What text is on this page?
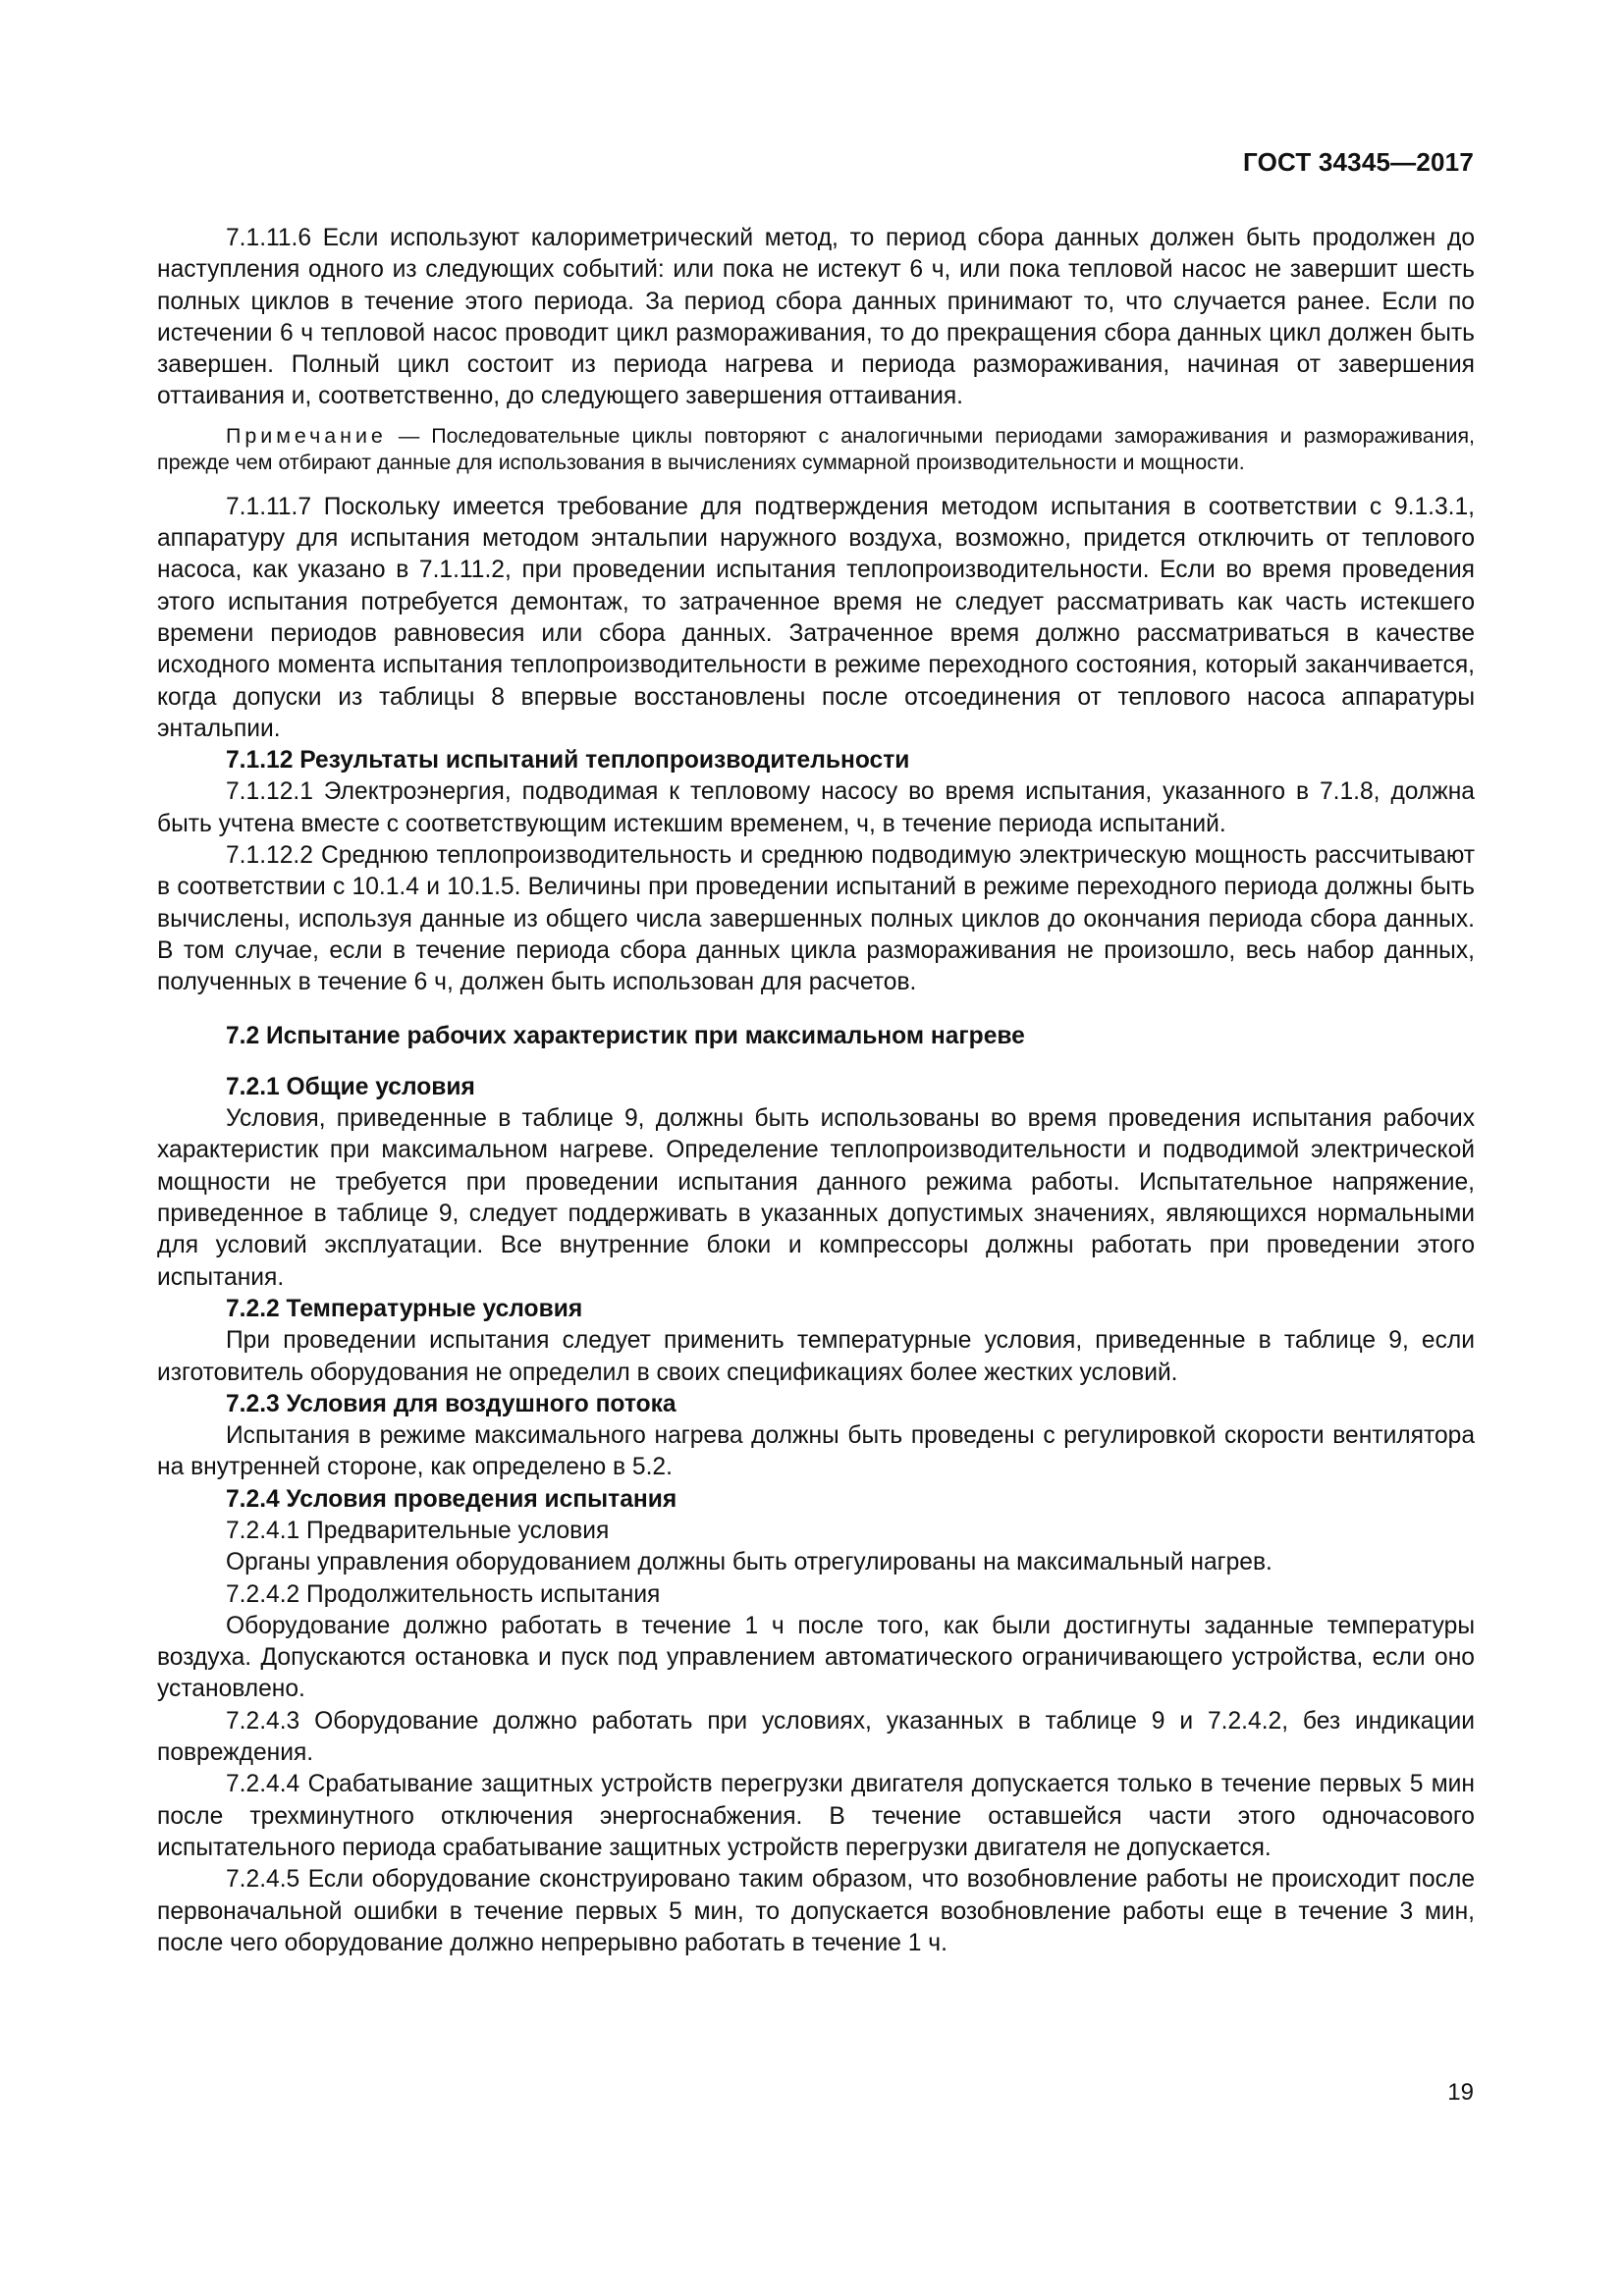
ГОСТ 34345—2017

7.1.11.6 Если используют калориметрический метод, то период сбора данных должен быть продолжен до наступления одного из следующих событий: или пока не истекут 6 ч, или пока тепловой насос не завершит шесть полных циклов в течение этого периода. За период сбора данных принимают то, что случается ранее. Если по истечении 6 ч тепловой насос проводит цикл размораживания, то до прекращения сбора данных цикл должен быть завершен. Полный цикл состоит из периода нагрева и периода размораживания, начиная от завершения оттаивания и, соответственно, до следующего завершения оттаивания.

Примечание — Последовательные циклы повторяют с аналогичными периодами замораживания и размораживания, прежде чем отбирают данные для использования в вычислениях суммарной производительности и мощности.

7.1.11.7 Поскольку имеется требование для подтверждения методом испытания в соответствии с 9.1.3.1, аппаратуру для испытания методом энтальпии наружного воздуха, возможно, придется отключить от теплового насоса, как указано в 7.1.11.2, при проведении испытания теплопроизводительности. Если во время проведения этого испытания потребуется демонтаж, то затраченное время не следует рассматривать как часть истекшего времени периодов равновесия или сбора данных. Затраченное время должно рассматриваться в качестве исходного момента испытания теплопроизводительности в режиме переходного состояния, который заканчивается, когда допуски из таблицы 8 впервые восстановлены после отсоединения от теплового насоса аппаратуры энтальпии.

7.1.12 Результаты испытаний теплопроизводительности

7.1.12.1 Электроэнергия, подводимая к тепловому насосу во время испытания, указанного в 7.1.8, должна быть учтена вместе с соответствующим истекшим временем, ч, в течение периода испытаний.

7.1.12.2 Среднюю теплопроизводительность и среднюю подводимую электрическую мощность рассчитывают в соответствии с 10.1.4 и 10.1.5. Величины при проведении испытаний в режиме переходного периода должны быть вычислены, используя данные из общего числа завершенных полных циклов до окончания периода сбора данных. В том случае, если в течение периода сбора данных цикла размораживания не произошло, весь набор данных, полученных в течение 6 ч, должен быть использован для расчетов.

7.2 Испытание рабочих характеристик при максимальном нагреве
7.2.1 Общие условия

Условия, приведенные в таблице 9, должны быть использованы во время проведения испытания рабочих характеристик при максимальном нагреве. Определение теплопроизводительности и подводимой электрической мощности не требуется при проведении испытания данного режима работы. Испытательное напряжение, приведенное в таблице 9, следует поддерживать в указанных допустимых значениях, являющихся нормальными для условий эксплуатации. Все внутренние блоки и компрессоры должны работать при проведении этого испытания.

7.2.2 Температурные условия

При проведении испытания следует применить температурные условия, приведенные в таблице 9, если изготовитель оборудования не определил в своих спецификациях более жестких условий.

7.2.3 Условия для воздушного потока

Испытания в режиме максимального нагрева должны быть проведены с регулировкой скорости вентилятора на внутренней стороне, как определено в 5.2.

7.2.4 Условия проведения испытания

7.2.4.1 Предварительные условия

Органы управления оборудованием должны быть отрегулированы на максимальный нагрев.

7.2.4.2 Продолжительность испытания

Оборудование должно работать в течение 1 ч после того, как были достигнуты заданные температуры воздуха. Допускаются остановка и пуск под управлением автоматического ограничивающего устройства, если оно установлено.

7.2.4.3 Оборудование должно работать при условиях, указанных в таблице 9 и 7.2.4.2, без индикации повреждения.

7.2.4.4 Срабатывание защитных устройств перегрузки двигателя допускается только в течение первых 5 мин после трехминутного отключения энергоснабжения. В течение оставшейся части этого одночасового испытательного периода срабатывание защитных устройств перегрузки двигателя не допускается.

7.2.4.5 Если оборудование сконструировано таким образом, что возобновление работы не происходит после первоначальной ошибки в течение первых 5 мин, то допускается возобновление работы еще в течение 3 мин, после чего оборудование должно непрерывно работать в течение 1 ч.

19
